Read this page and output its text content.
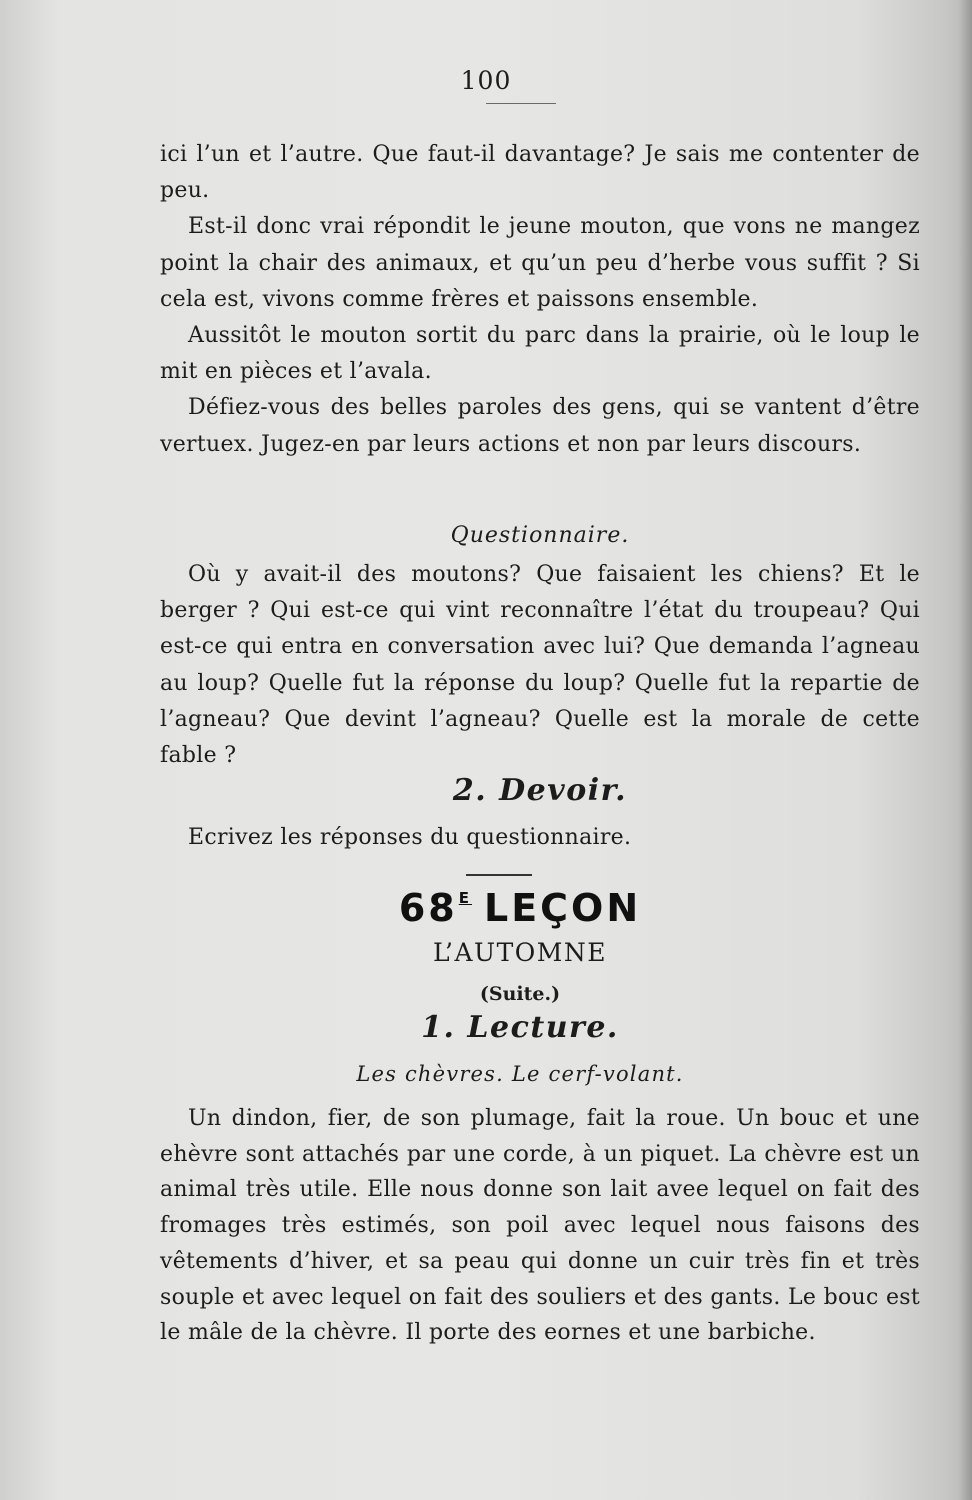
100

ici l’un et l’autre. Que faut-il davantage? Je sais me contenter de peu.

Est-il donc vrai répondit le jeune mouton, que vons ne mangez point la chair des animaux, et qu’un peu d’herbe vous suffit ? Si cela est, vivons comme frères et paissons ensemble.

Aussitôt le mouton sortit du parc dans la prairie, où le loup le mit en pièces et l’avala.

Défiez-vous des belles paroles des gens, qui se vantent d’être vertuex. Jugez-en par leurs actions et non par leurs discours.

Questionnaire.

Où y avait-il des moutons? Que faisaient les chiens? Et le berger ? Qui est-ce qui vint reconnaître l’état du troupeau? Qui est-ce qui entra en conversation avec lui? Que demanda l’agneau au loup? Quelle fut la réponse du loup? Quelle fut la repartie de l’agneau? Que devint l’agneau? Quelle est la morale de cette fable ?

2. Devoir.

Ecrivez les réponses du questionnaire.

$68^E$ LEÇON
L’AUTOMNE
(Suite.)
1. Lecture.
Les chèvres. Le cerf-volant.

Un dindon, fier, de son plumage, fait la roue. Un bouc et une ehèvre sont attachés par une corde, à un piquet. La chèvre est un animal très utile. Elle nous donne son lait avee lequel on fait des fromages très estimés, son poil avec lequel nous faisons des vêtements d’hiver, et sa peau qui donne un cuir très fin et très souple et avec lequel on fait des souliers et des gants. Le bouc est le mâle de la chèvre. Il porte des eornes et une barbiche.
